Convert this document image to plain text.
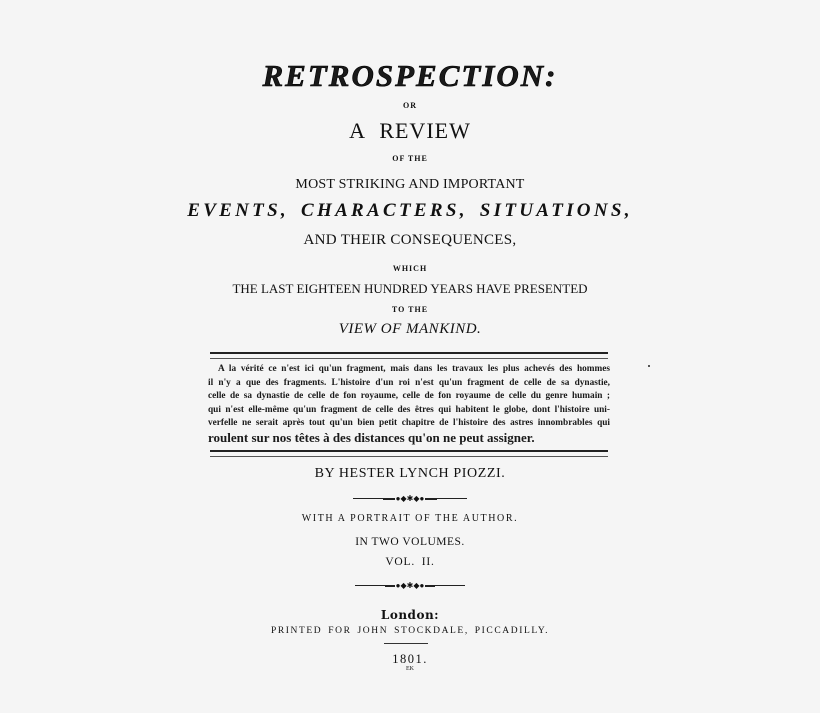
RETROSPECTION:
OR
A REVIEW
OF THE
MOST STRIKING AND IMPORTANT
EVENTS, CHARACTERS, SITUATIONS,
AND THEIR CONSEQUENCES,
WHICH
THE LAST EIGHTEEN HUNDRED YEARS HAVE PRESENTED
TO THE
VIEW OF MANKIND.
A la vérité ce n'est ici qu'un fragment, mais dans les travaux les plus achevés des hommes
il n'y a que des fragments. L'histoire d'un roi n'est qu'un fragment de celle de sa dynastie,
celle de sa dynastie de celle de fon royaume, celle de fon royaume de celle du genre humain ;
qui n'est elle-même qu'un fragment de celle des êtres qui habitent le globe, dont l'histoire uni-
verfelle ne serait après tout qu'un bien petit chapitre de l'histoire des astres innombrables qui
roulent sur nos têtes à des distances qu'on ne peut assigner.
BY HESTER LYNCH PIOZZI.
●◆✱◆●
WITH A PORTRAIT OF THE AUTHOR.
IN TWO VOLUMES.
VOL. II.
●◆✱◆●
London:
PRINTED FOR JOHN STOCKDALE, PICCADILLY.
1801.
EK
